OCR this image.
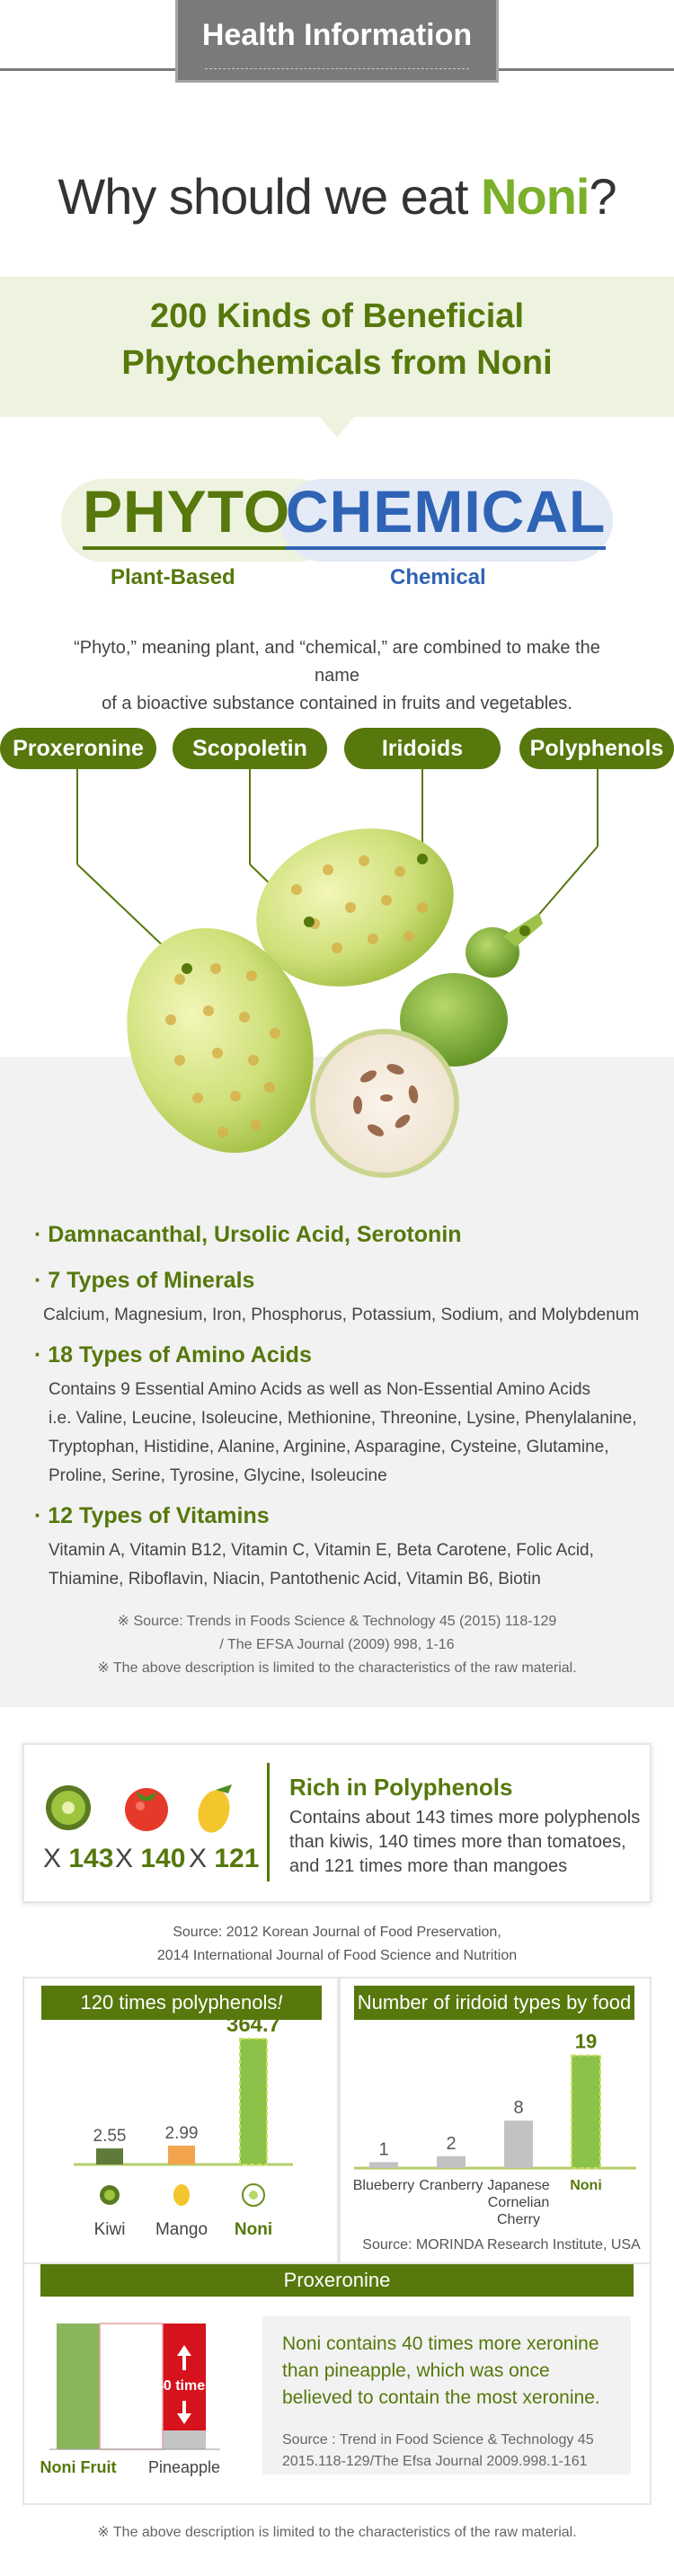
Health Information
Why should we eat Noni?
200 Kinds of Beneficial
Phytochemicals from Noni
PHYTO
CHEMICAL
Plant-Based	Chemical
“Phyto,” meaning plant, and “chemical,” are combined to make the name
of a bioactive substance contained in fruits and vegetables.
Proxeronine	Scopoletin	Iridoids	Polyphenols
· Damnacanthal, Ursolic Acid, Serotonin
· 7 Types of Minerals
Calcium, Magnesium, Iron, Phosphorus, Potassium, Sodium, and Molybdenum
· 18 Types of Amino Acids
Contains 9 Essential Amino Acids as well as Non-Essential Amino Acids
i.e. Valine, Leucine, Isoleucine, Methionine, Threonine, Lysine, Phenylalanine,
Tryptophan, Histidine, Alanine, Arginine, Asparagine, Cysteine, Glutamine,
Proline, Serine, Tyrosine, Glycine, Isoleucine
· 12 Types of Vitamins
Vitamin A, Vitamin B12, Vitamin C, Vitamin E, Beta Carotene, Folic Acid,
Thiamine, Riboflavin, Niacin, Pantothenic Acid, Vitamin B6, Biotin
※ Source: Trends in Foods Science & Technology 45 (2015) 118-129
/ The EFSA Journal (2009) 998, 1-16
※ The above description is limited to the characteristics of the raw material.
X 143 X 140 X 121
Rich in Polyphenols
Contains about 143 times more polyphenols than kiwis, 140 times more than tomatoes, and 121 times more than mangoes
Source: 2012 Korean Journal of Food Preservation,
2014 International Journal of Food Science and Nutrition
120 times polyphenols!	Number of iridoid types by food
2.55
Kiwi
2.99
Mango
364.7
Noni
1	2
8
19
Blueberry Cranberry Japanese
Cornelian
Cherry
Noni
Source: MORINDA Research Institute, USA
Proxeronine
40 times
Noni Fruit Pineapple
Noni contains 40 times more xeronine than pineapple, which was once believed to contain the most xeronine.
Source : Trend in Food Science & Technology 45
2015.118-129/The Efsa Journal 2009.998.1-161
※ The above description is limited to the characteristics of the raw material.
